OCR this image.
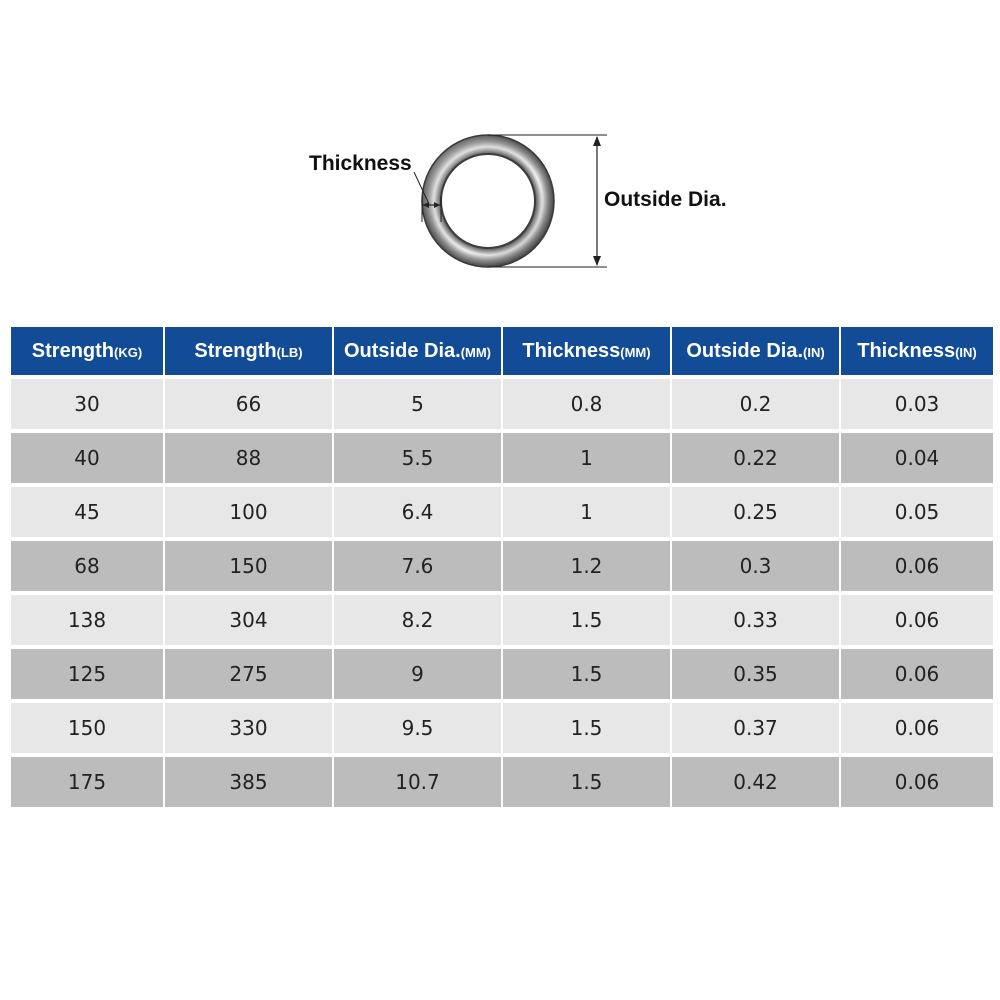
Thickness
Outside Dia.
Strength(KG)	Strength(LB)	Outside Dia.(MM)	Thickness(MM)	Outside Dia.(IN)	Thickness(IN)
30	66	5	0.8	0.2	0.03
40	88	5.5	1	0.22	0.04
45	100	6.4	1	0.25	0.05
68	150	7.6	1.2	0.3	0.06
138	304	8.2	1.5	0.33	0.06
125	275	9	1.5	0.35	0.06
150	330	9.5	1.5	0.37	0.06
175	385	10.7	1.5	0.42	0.06
